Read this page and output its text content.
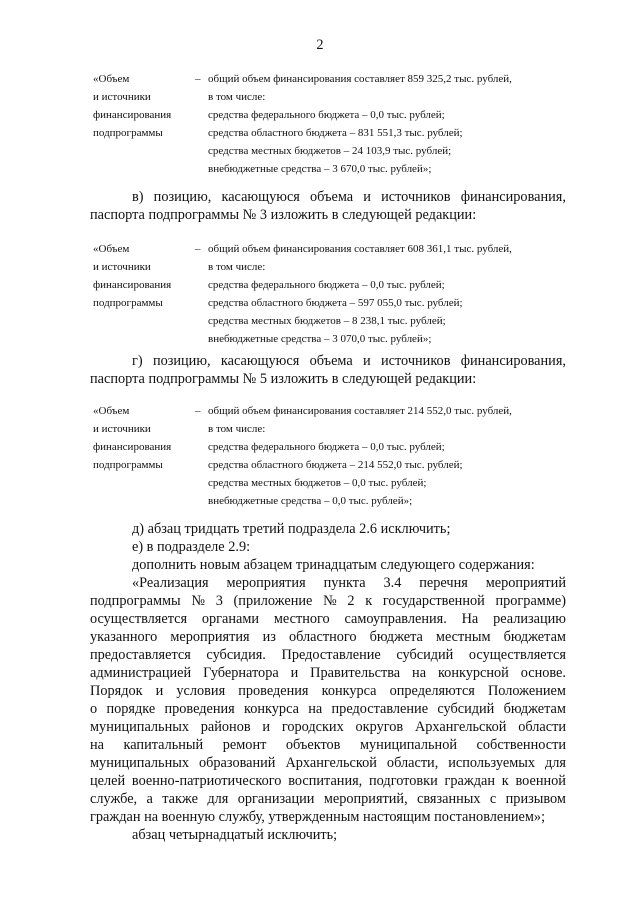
2
«Объем
и источники
финансирования
подпрограммы
– общий объем финансирования составляет 859 325,2 тыс. рублей,
в том числе:
средства федерального бюджета – 0,0 тыс. рублей;
средства областного бюджета – 831 551,3 тыс. рублей;
средства местных бюджетов – 24 103,9 тыс. рублей;
внебюджетные средства – 3 670,0 тыс. рублей»;
в) позицию, касающуюся объема и источников финансирования,
паспорта подпрограммы № 3 изложить в следующей редакции:
«Объем
и источники
финансирования
подпрограммы
– общий объем финансирования составляет 608 361,1 тыс. рублей,
в том числе:
средства федерального бюджета – 0,0 тыс. рублей;
средства областного бюджета – 597 055,0 тыс. рублей;
средства местных бюджетов – 8 238,1 тыс. рублей;
внебюджетные средства – 3 070,0 тыс. рублей»;
г) позицию, касающуюся объема и источников финансирования,
паспорта подпрограммы № 5 изложить в следующей редакции:
«Объем
и источники
финансирования
подпрограммы
– общий объем финансирования составляет 214 552,0 тыс. рублей,
в том числе:
средства федерального бюджета – 0,0 тыс. рублей;
средства областного бюджета – 214 552,0 тыс. рублей;
средства местных бюджетов – 0,0 тыс. рублей;
внебюджетные средства – 0,0 тыс. рублей»;
д) абзац тридцать третий подраздела 2.6 исключить;
е) в подразделе 2.9:
дополнить новым абзацем тринадцатым следующего содержания:
«Реализация мероприятия пункта 3.4 перечня мероприятий
подпрограммы № 3 (приложение № 2 к государственной программе)
осуществляется органами местного самоуправления. На реализацию
указанного мероприятия из областного бюджета местным бюджетам
предоставляется субсидия. Предоставление субсидий осуществляется
администрацией Губернатора и Правительства на конкурсной основе.
Порядок и условия проведения конкурса определяются Положением
о порядке проведения конкурса на предоставление субсидий бюджетам
муниципальных районов и городских округов Архангельской области
на капитальный ремонт объектов муниципальной собственности
муниципальных образований Архангельской области, используемых для
целей военно-патриотического воспитания, подготовки граждан к военной
службе, а также для организации мероприятий, связанных с призывом
граждан на военную службу, утвержденным настоящим постановлением»;
абзац четырнадцатый исключить;
